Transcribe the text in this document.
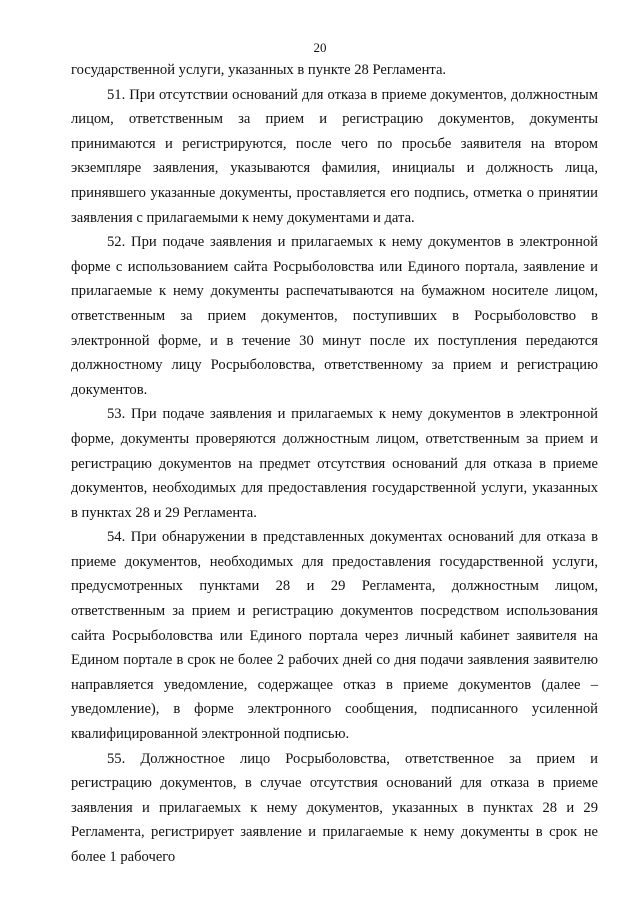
20

государственной услуги, указанных в пункте 28 Регламента.

51. При отсутствии оснований для отказа в приеме документов, должностным лицом, ответственным за прием и регистрацию документов, документы принимаются и регистрируются, после чего по просьбе заявителя на втором экземпляре заявления, указываются фамилия, инициалы и должность лица, принявшего указанные документы, проставляется его подпись, отметка о принятии заявления с прилагаемыми к нему документами и дата.

52. При подаче заявления и прилагаемых к нему документов в электронной форме с использованием сайта Росрыболовства или Единого портала, заявление и прилагаемые к нему документы распечатываются на бумажном носителе лицом, ответственным за прием документов, поступивших в Росрыболовство в электронной форме, и в течение 30 минут после их поступления передаются должностному лицу Росрыболовства, ответственному за прием и регистрацию документов.

53. При подаче заявления и прилагаемых к нему документов в электронной форме, документы проверяются должностным лицом, ответственным за прием и регистрацию документов на предмет отсутствия оснований для отказа в приеме документов, необходимых для предоставления государственной услуги, указанных в пунктах 28 и 29 Регламента.

54. При обнаружении в представленных документах оснований для отказа в приеме документов, необходимых для предоставления государственной услуги, предусмотренных пунктами 28 и 29 Регламента, должностным лицом, ответственным за прием и регистрацию документов посредством использования сайта Росрыболовства или Единого портала через личный кабинет заявителя на Едином портале в срок не более 2 рабочих дней со дня подачи заявления заявителю направляется уведомление, содержащее отказ в приеме документов (далее – уведомление), в форме электронного сообщения, подписанного усиленной квалифицированной электронной подписью.

55. Должностное лицо Росрыболовства, ответственное за прием и регистрацию документов, в случае отсутствия оснований для отказа в приеме заявления и прилагаемых к нему документов, указанных в пунктах 28 и 29 Регламента, регистрирует заявление и прилагаемые к нему документы в срок не более 1 рабочего
